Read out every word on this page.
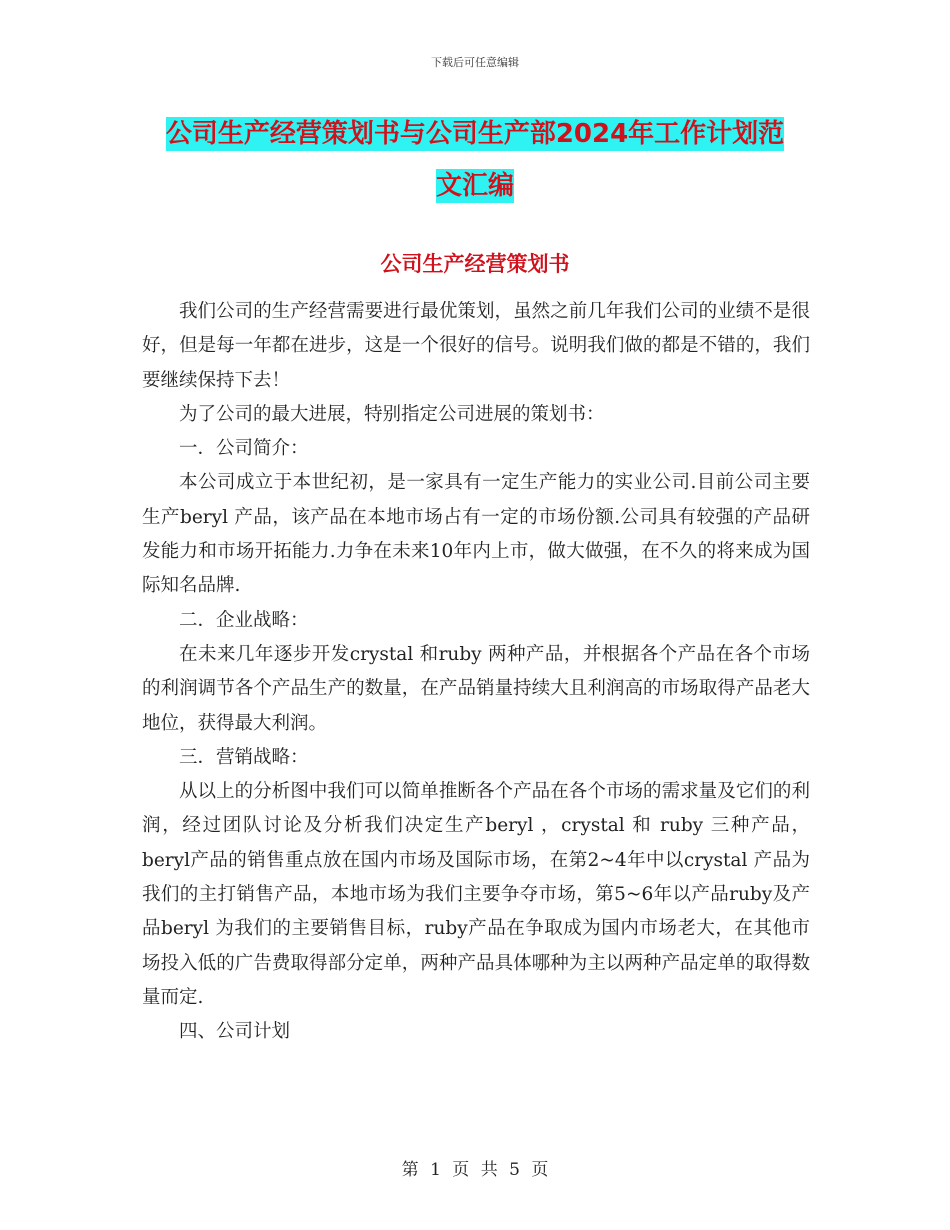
下载后可任意编辑
公司生产经营策划书与公司生产部2024年工作计划范
文汇编
公司生产经营策划书

我们公司的生产经营需要进行最优策划，虽然之前几年我们公司的业绩不是很好，但是每一年都在进步，这是一个很好的信号。说明我们做的都是不错的，我们要继续保持下去！

为了公司的最大进展，特别指定公司进展的策划书：

一．公司简介：

本公司成立于本世纪初，是一家具有一定生产能力的实业公司.目前公司主要生产beryl 产品，该产品在本地市场占有一定的市场份额.公司具有较强的产品研发能力和市场开拓能力.力争在未来10年内上市，做大做强，在不久的将来成为国际知名品牌.

二．企业战略：

在未来几年逐步开发crystal 和ruby 两种产品，并根据各个产品在各个市场的利润调节各个产品生产的数量，在产品销量持续大且利润高的市场取得产品老大地位，获得最大利润。

三．营销战略：

从以上的分析图中我们可以简单推断各个产品在各个市场的需求量及它们的利润，经过团队讨论及分析我们决定生产beryl ，crystal 和 ruby 三种产品，beryl产品的销售重点放在国内市场及国际市场，在第2~4年中以crystal 产品为我们的主打销售产品，本地市场为我们主要争夺市场，第5~6年以产品ruby及产品beryl 为我们的主要销售目标，ruby产品在争取成为国内市场老大，在其他市场投入低的广告费取得部分定单，两种产品具体哪种为主以两种产品定单的取得数量而定.

四、公司计划

第 1 页 共 5 页
